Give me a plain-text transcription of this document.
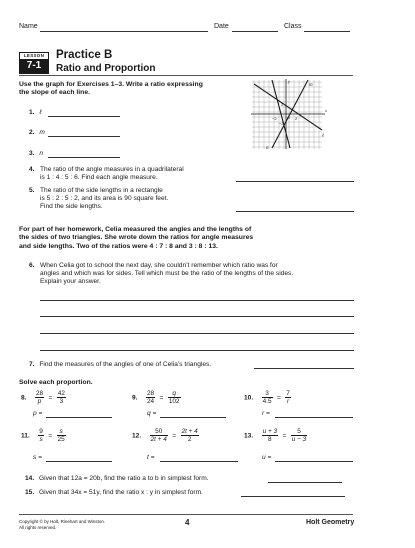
Name	Date	Class
LESSON
7-1
Practice B
Ratio and Proportion
Use the graph for Exercises 1–3. Write a ratio expressing
the slope of each line.
1. ℓ
2. m
3. n
m
n
ℓ
x
y
2
−2
2
−2
O
4. The ratio of the angle measures in a quadrilateral
is 1 : 4 : 5 : 6. Find each angle measure.
5. The ratio of the side lengths in a rectangle
is 5 : 2 : 5 : 2, and its area is 90 square feet.
Find the side lengths.
For part of her homework, Celia measured the angles and the lengths of
the sides of two triangles. She wrote down the ratios for angle measures
and side lengths. Two of the ratios were 4 : 7 : 8 and 3 : 8 : 13.
6. When Celia got to school the next day, she couldn’t remember which ratio was for
angles and which was for sides. Tell which must be the ratio of the lengths of the sides.
Explain your answer.
7. Find the measures of the angles of one of Celia’s triangles.
Solve each proportion.
8. $\frac{28}{p} = \frac{42}{3}$	9. $\frac{28}{24} = \frac{q}{102}$	10. $\frac{3}{4.5} = \frac{7}{r}$
p =	q =	r =
11. $\frac{9}{s} = \frac{s}{25}$	12. $\frac{50}{2t + 4} = \frac{2t + 4}{2}$	13. $\frac{u + 3}{8} = \frac{5}{u - 3}$
s =	t =	u =
14. Given that 12a = 20b, find the ratio a to b in simplest form.
15. Given that 34x = 51y, find the ratio x : y in simplest form.
Copyright © by Holt, Rinehart and Winston.
All rights reserved.	4	Holt Geometry
